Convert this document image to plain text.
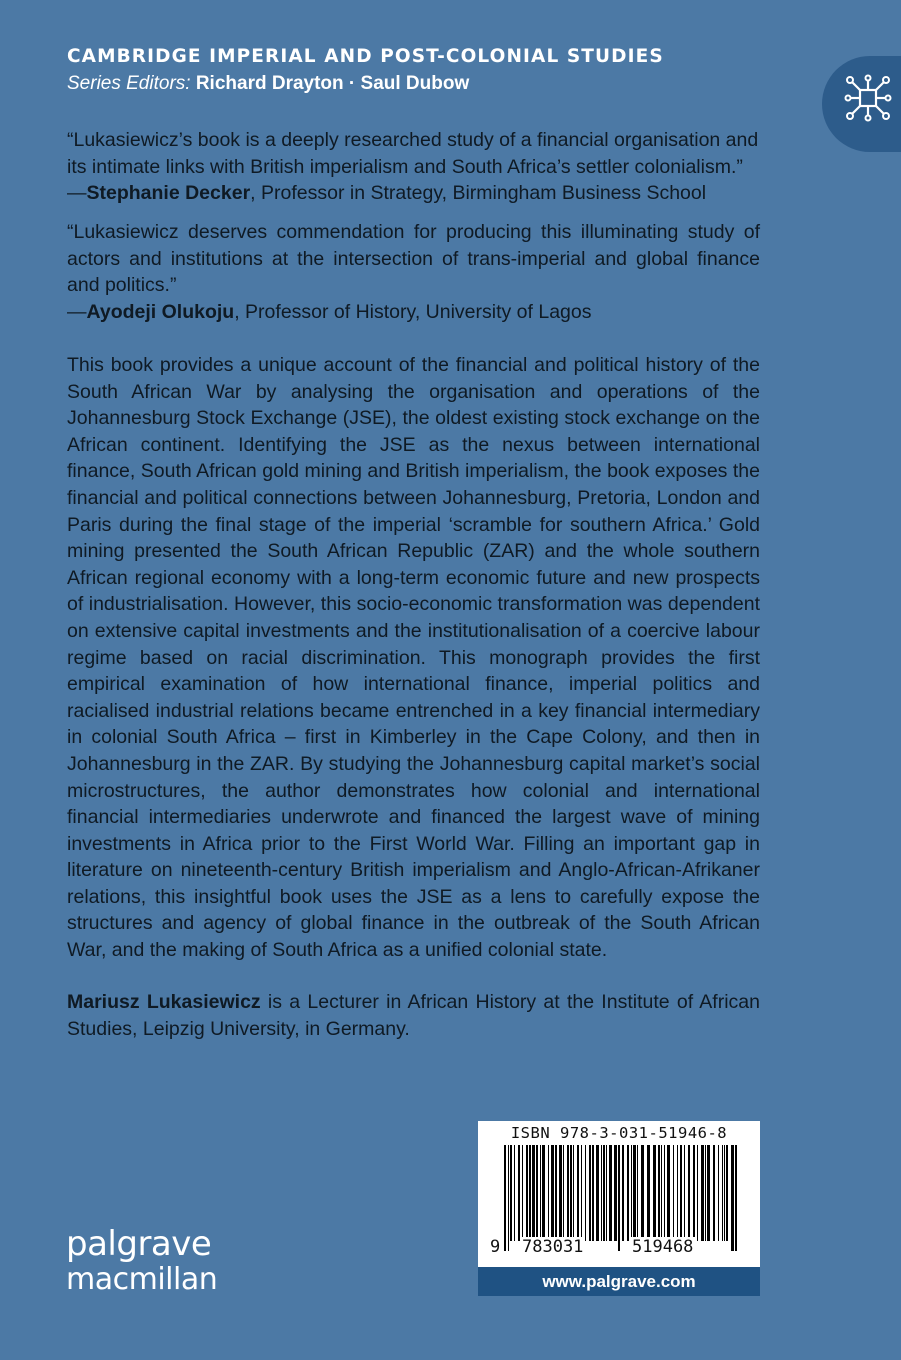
CAMBRIDGE IMPERIAL AND POST-COLONIAL STUDIES
Series Editors: Richard Drayton · Saul Dubow
“Lukasiewicz’s book is a deeply researched study of a financial organisation and its intimate links with British imperialism and South Africa’s settler colonialism.”
—Stephanie Decker, Professor in Strategy, Birmingham Business School
“Lukasiewicz deserves commendation for producing this illuminating study of actors and institutions at the intersection of trans-imperial and global finance and politics.”
—Ayodeji Olukoju, Professor of History, University of Lagos
This book provides a unique account of the financial and political history of the South African War by analysing the organisation and operations of the Johannesburg Stock Exchange (JSE), the oldest existing stock exchange on the African continent. Identifying the JSE as the nexus between international finance, South African gold mining and British imperialism, the book exposes the financial and political connections between Johannesburg, Pretoria, London and Paris during the final stage of the imperial ‘scramble for southern Africa.’ Gold mining presented the South African Republic (ZAR) and the whole southern African regional economy with a long-term economic future and new prospects of industrialisation. However, this socio-economic transformation was dependent on extensive capital investments and the institutionalisation of a coercive labour regime based on racial discrimination. This monograph provides the first empirical examination of how international finance, imperial politics and racialised industrial relations became entrenched in a key financial intermediary in colonial South Africa – first in Kimberley in the Cape Colony, and then in Johannesburg in the ZAR. By studying the Johannesburg capital market’s social microstructures, the author demonstrates how colonial and international financial intermediaries underwrote and financed the largest wave of mining investments in Africa prior to the First World War. Filling an important gap in literature on nineteenth-century British imperialism and Anglo-African-Afrikaner relations, this insightful book uses the JSE as a lens to carefully expose the structures and agency of global finance in the outbreak of the South African War, and the making of South Africa as a unified colonial state.
Mariusz Lukasiewicz is a Lecturer in African History at the Institute of African Studies, Leipzig University, in Germany.
ISBN 978-3-031-51946-8
9 783031	519468
www.palgrave.com
palgrave
macmillan
